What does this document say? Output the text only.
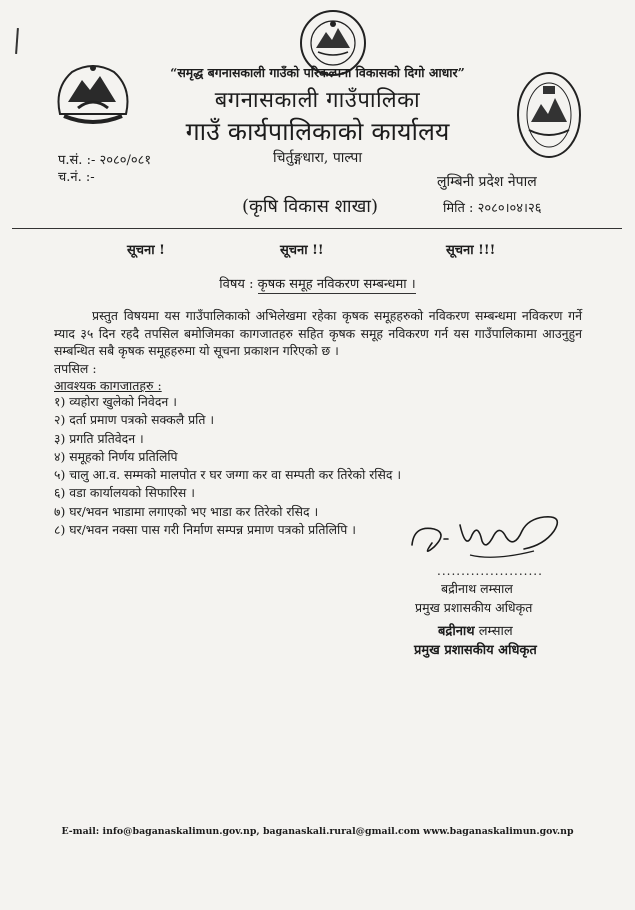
“समृद्ध बगनासकाली गाउँको परिकल्पना विकासको दिगो आधार”
बगनासकाली गाउँपालिका
गाउँ कार्यपालिकाको कार्यालय
चिर्तुङ्गधारा, पाल्पा
प.सं. :- २०८०/०८१
च.नं. :-	लुम्बिनी प्रदेश नेपाल
(कृषि विकास शाखा)	मिति : २०८०।०४।२६
सूचना !	सूचना !!	सूचना !!!
विषय : कृषक समूह नविकरण सम्बन्धमा ।
प्रस्तुत विषयमा यस गाउँपालिकाको अभिलेखमा रहेका कृषक समूहहरुको नविकरण सम्बन्धमा नविकरण गर्ने म्याद ३५ दिन रहदै तपसिल बमोजिमका कागजातहरु सहित कृषक समूह नविकरण गर्न यस गाउँपालिकामा आउनुहुन सम्बन्धित सबै कृषक समूहहरुमा यो सूचना प्रकाशन गरिएको छ ।
तपसिल :
आवश्यक कागजातहरु :
१) व्यहोरा खुलेको निवेदन ।
२) दर्ता प्रमाण पत्रको सक्कलै प्रति ।
३) प्रगति प्रतिवेदन ।
४) समूहको निर्णय प्रतिलिपि
५) चालु आ.व. सम्मको मालपोत र घर जग्गा कर वा सम्पती कर तिरेको रसिद ।
६) वडा कार्यालयको सिफारिस ।
७) घर/भवन भाडामा लगाएको भए भाडा कर तिरेको रसिद ।
८) घर/भवन नक्सा पास गरी निर्माण सम्पन्न प्रमाण पत्रको प्रतिलिपि ।
......................
बद्रीनाथ लम्साल
प्रमुख प्रशासकीय अधिकृत
बद्रीनाथ लम्साल
प्रमुख प्रशासकीय अधिकृत
E-mail: info@baganaskalimun.gov.np, baganaskali.rural@gmail.com www.baganaskalimun.gov.np
